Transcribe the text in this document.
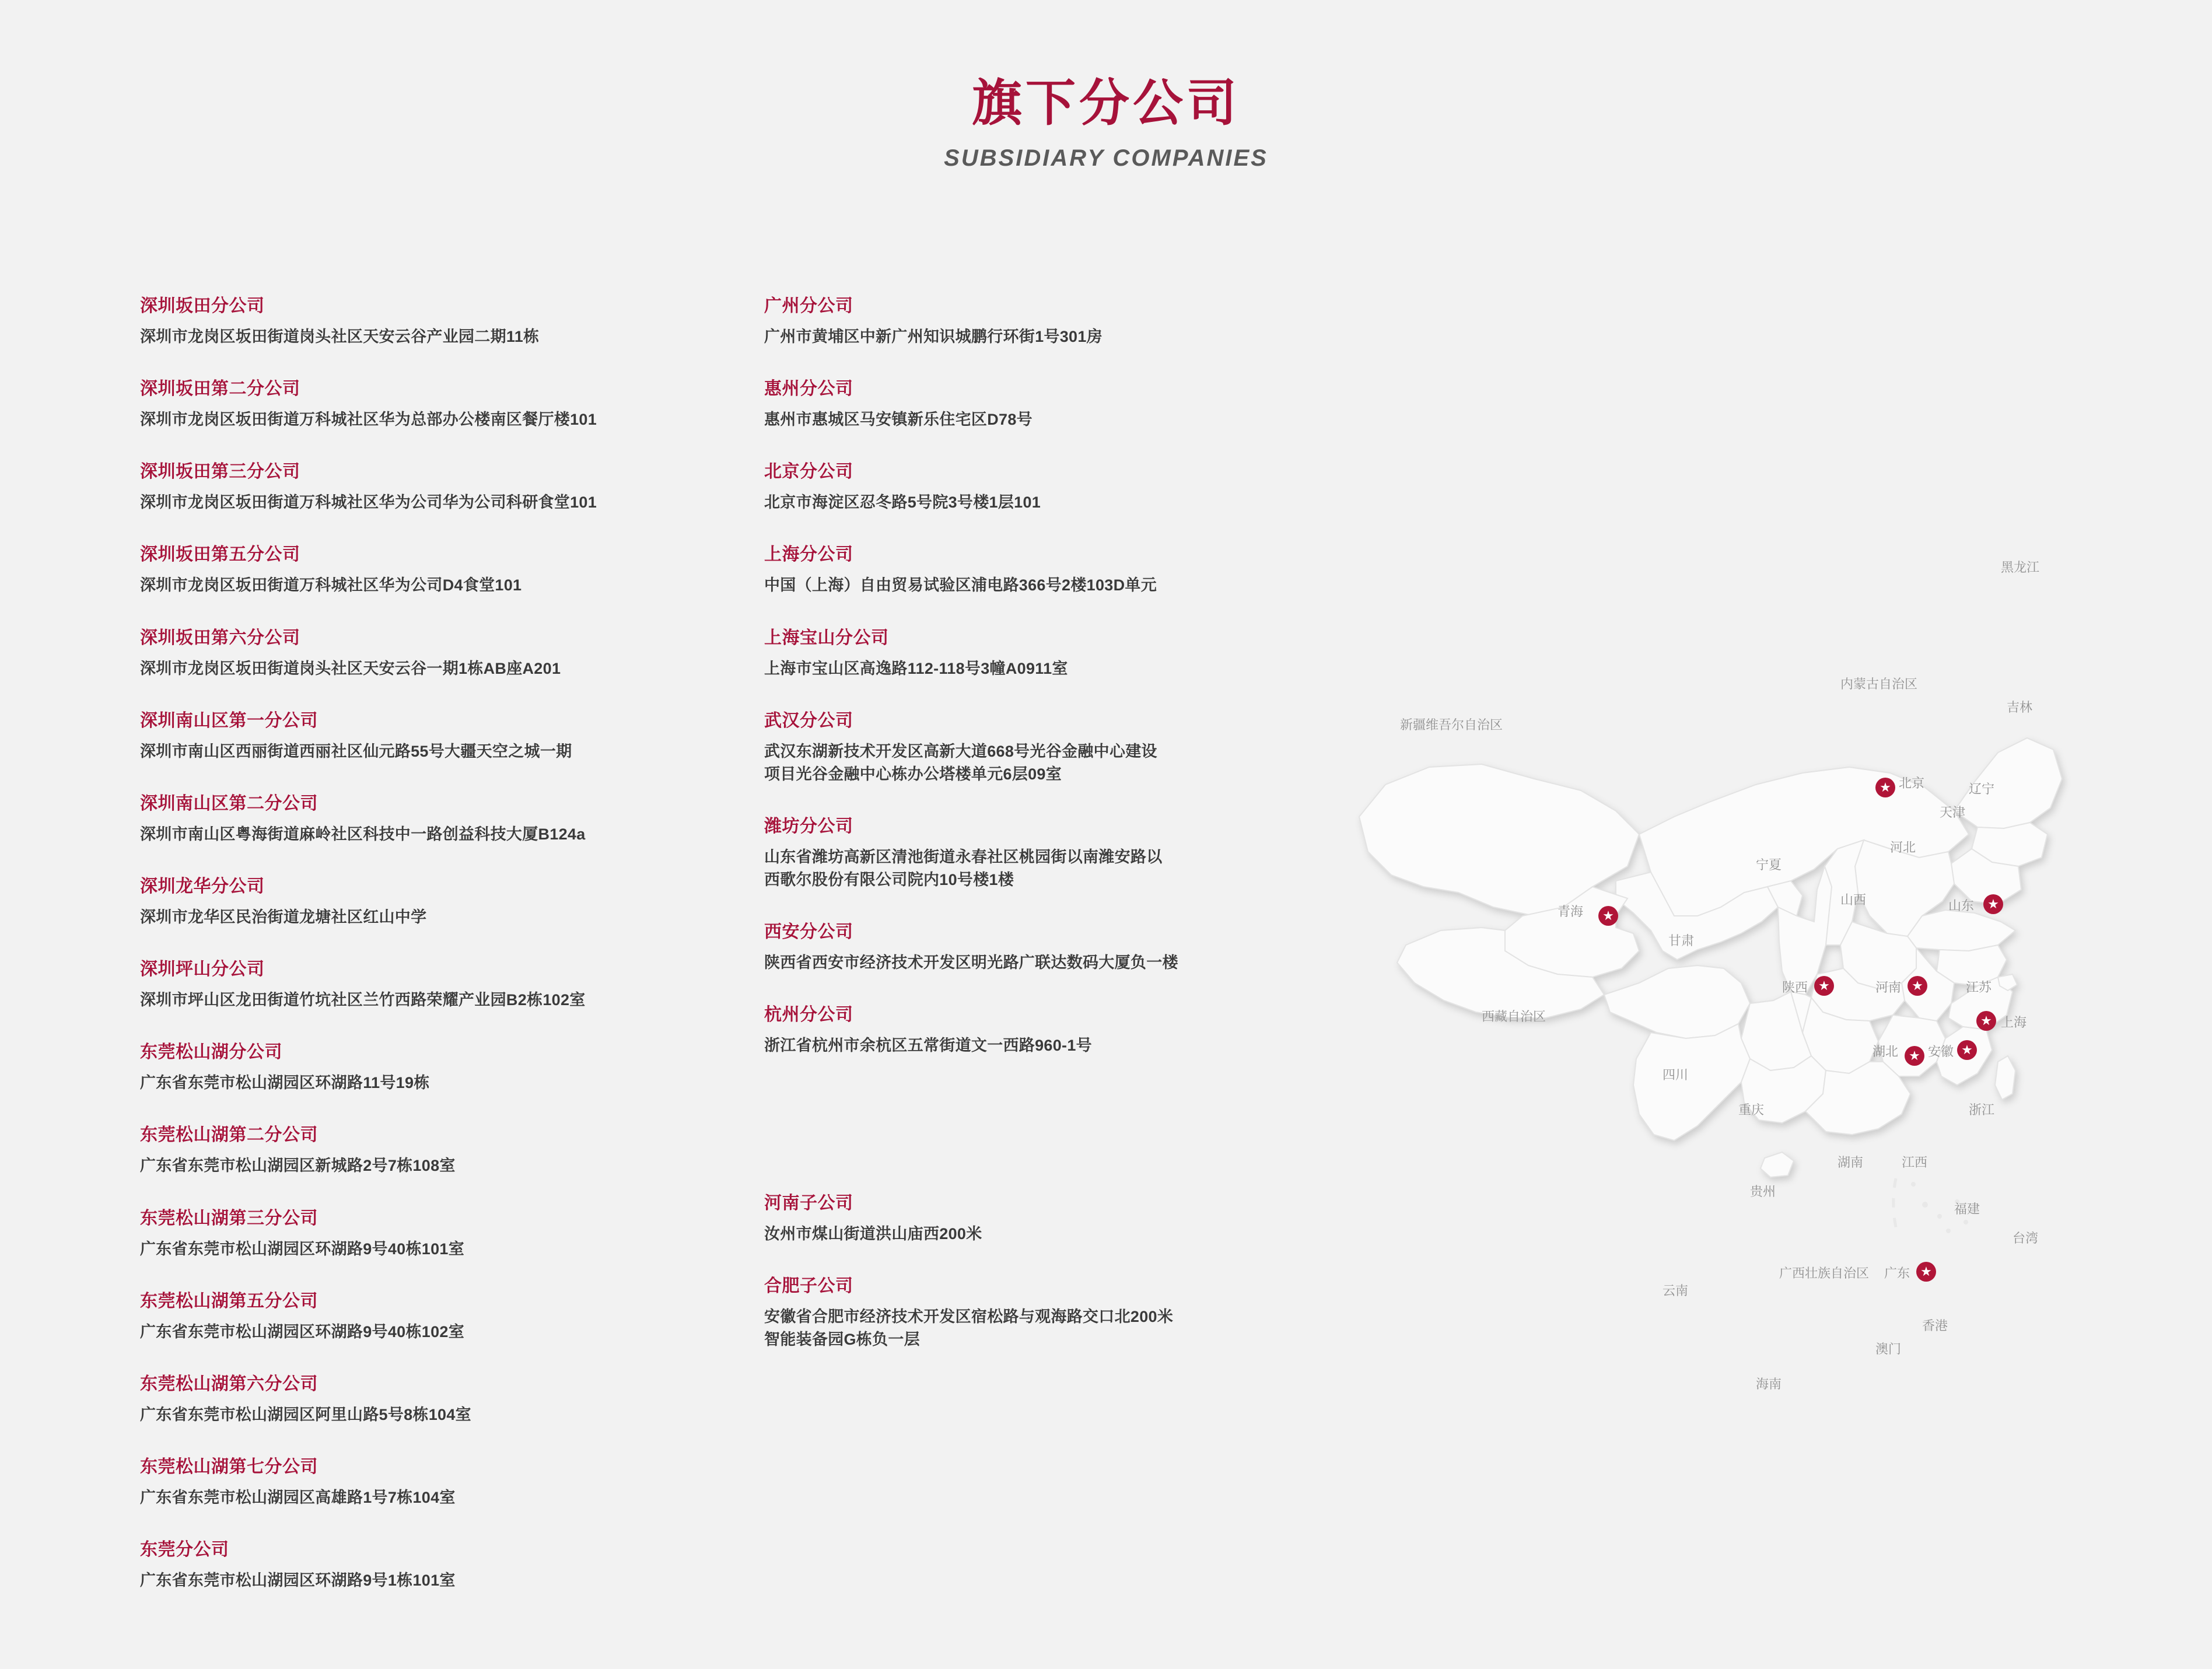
旗下分公司
SUBSIDIARY COMPANIES
深圳坂田分公司
深圳市龙岗区坂田街道岗头社区天安云谷产业园二期11栋
深圳坂田第二分公司
深圳市龙岗区坂田街道万科城社区华为总部办公楼南区餐厅楼101
深圳坂田第三分公司
深圳市龙岗区坂田街道万科城社区华为公司华为公司科研食堂101
深圳坂田第五分公司
深圳市龙岗区坂田街道万科城社区华为公司D4食堂101
深圳坂田第六分公司
深圳市龙岗区坂田街道岗头社区天安云谷一期1栋AB座A201
深圳南山区第一分公司
深圳市南山区西丽街道西丽社区仙元路55号大疆天空之城一期
深圳南山区第二分公司
深圳市南山区粤海街道麻岭社区科技中一路创益科技大厦B124a
深圳龙华分公司
深圳市龙华区民治街道龙塘社区红山中学
深圳坪山分公司
深圳市坪山区龙田街道竹坑社区兰竹西路荣耀产业园B2栋102室
东莞松山湖分公司
广东省东莞市松山湖园区环湖路11号19栋
东莞松山湖第二分公司
广东省东莞市松山湖园区新城路2号7栋108室
东莞松山湖第三分公司
广东省东莞市松山湖园区环湖路9号40栋101室
东莞松山湖第五分公司
广东省东莞市松山湖园区环湖路9号40栋102室
东莞松山湖第六分公司
广东省东莞市松山湖园区阿里山路5号8栋104室
东莞松山湖第七分公司
广东省东莞市松山湖园区高雄路1号7栋104室
东莞分公司
广东省东莞市松山湖园区环湖路9号1栋101室
广州分公司
广州市黄埔区中新广州知识城鹏行环街1号301房
惠州分公司
惠州市惠城区马安镇新乐住宅区D78号
北京分公司
北京市海淀区忍冬路5号院3号楼1层101
上海分公司
中国（上海）自由贸易试验区浦电路366号2楼103D单元
上海宝山分公司
上海市宝山区高逸路112-118号3幢A0911室
武汉分公司
武汉东湖新技术开发区高新大道668号光谷金融中心建设
项目光谷金融中心栋办公塔楼单元6层09室
潍坊分公司
山东省潍坊高新区清池街道永春社区桃园街以南潍安路以
西歌尔股份有限公司院内10号楼1楼
西安分公司
陕西省西安市经济技术开发区明光路广联达数码大厦负一楼
杭州分公司
浙江省杭州市余杭区五常街道文一西路960-1号
河南子公司
汝州市煤山街道洪山庙西200米
合肥子公司
安徽省合肥市经济技术开发区宿松路与观海路交口北200米
智能装备园G栋负一层
黑龙江
吉林
辽宁
内蒙古自治区
新疆维吾尔自治区
青海
甘肃
宁夏
陕西
山西
河北
北京
天津
山东
河南	江苏
安徽
上海
浙江
湖北
西藏自治区
四川
重庆
湖南	江西
福建
贵州
云南
广西壮族自治区 广东
台湾
香港
澳门
海南
★
★
★	★
★
★	★
★
★
